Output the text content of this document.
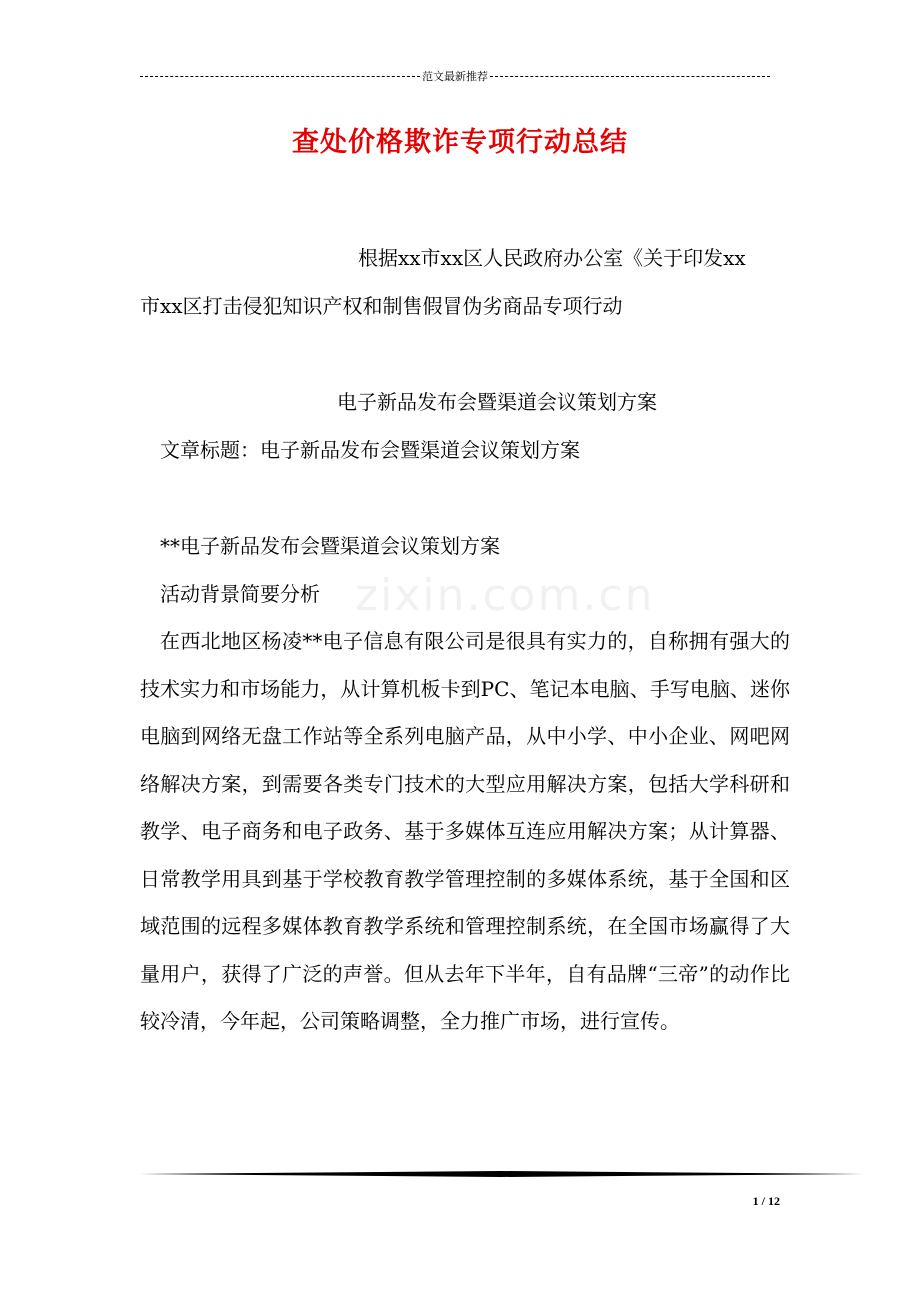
范文最新推荐
查处价格欺诈专项行动总结
zixin.com.cn
根据xx市xx区人民政府办公室《关于印发xx
市xx区打击侵犯知识产权和制售假冒伪劣商品专项行动
电子新品发布会暨渠道会议策划方案
文章标题：电子新品发布会暨渠道会议策划方案
**电子新品发布会暨渠道会议策划方案
活动背景简要分析

在西北地区杨凌**电子信息有限公司是很具有实力的，自称拥有强大的技术实力和市场能力，从计算机板卡到PC、笔记本电脑、手写电脑、迷你电脑到网络无盘工作站等全系列电脑产品，从中小学、中小企业、网吧网络解决方案，到需要各类专门技术的大型应用解决方案，包括大学科研和教学、电子商务和电子政务、基于多媒体互连应用解决方案；从计算器、日常教学用具到基于学校教育教学管理控制的多媒体系统，基于全国和区域范围的远程多媒体教育教学系统和管理控制系统，在全国市场赢得了大量用户，获得了广泛的声誉。但从去年下半年，自有品牌“三帝”的动作比较冷清，今年起，公司策略调整，全力推广市场，进行宣传。

1 / 12
